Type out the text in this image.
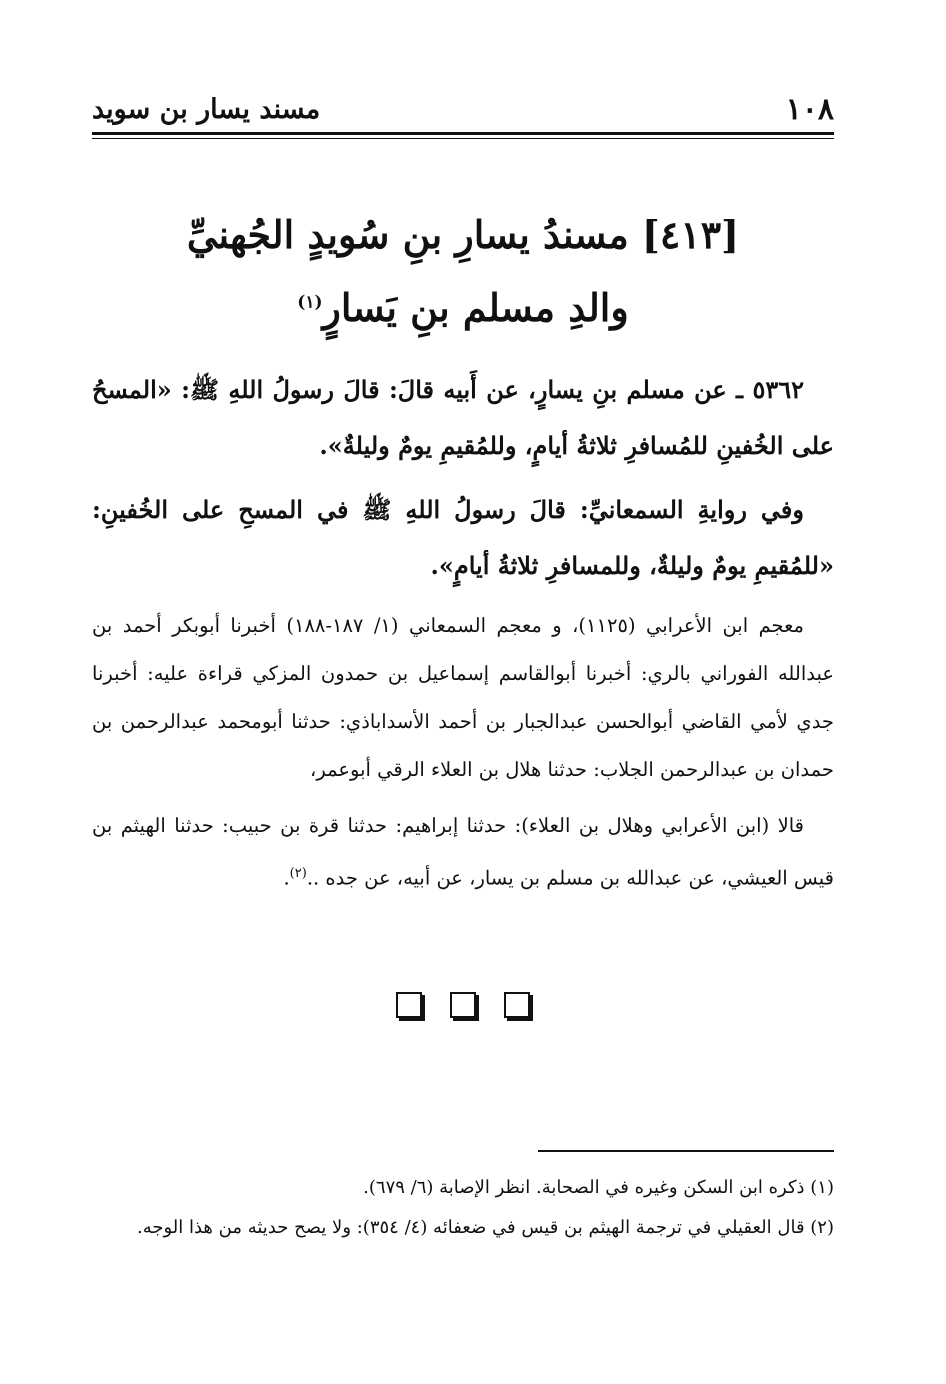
١٠٨
مسند يسار بن سويد
[٤١٣] مسندُ يسارِ بنِ سُويدٍ الجُهنيِّ
والدِ مسلم بنِ يَسارٍ$^{(١)}$

٥٣٦٢ ـ عن مسلم بنِ يسارٍ، عن أَبيه قالَ: قالَ رسولُ اللهِ ﷺ: «المسحُ على الخُفينِ للمُسافرِ ثلاثةُ أيامٍ، وللمُقيمِ يومٌ وليلةٌ».

وفي روايةِ السمعانيِّ: قالَ رسولُ اللهِ ﷺ في المسحِ على الخُفينِ: «للمُقيمِ يومٌ وليلةٌ، وللمسافرِ ثلاثةُ أيامٍ».

معجم ابن الأعرابي (١١٢٥)، و معجم السمعاني (١/ ١٨٧-١٨٨) أخبرنا أبوبكر أحمد بن عبدالله الفوراني بالري: أخبرنا أبوالقاسم إسماعيل بن حمدون المزكي قراءة عليه: أخبرنا جدي لأمي القاضي أبوالحسن عبدالجبار بن أحمد الأسداباذي: حدثنا أبومحمد عبدالرحمن بن حمدان بن عبدالرحمن الجلاب: حدثنا هلال بن العلاء الرقي أبوعمر،

قالا (ابن الأعرابي وهلال بن العلاء): حدثنا إبراهيم: حدثنا قرة بن حبيب: حدثنا الهيثم بن قيس العيشي، عن عبدالله بن مسلم بن يسار، عن أبيه، عن جده ..$^{(٢)}$.

(١) ذكره ابن السكن وغيره في الصحابة. انظر الإصابة (٦/ ٦٧٩).

(٢) قال العقيلي في ترجمة الهيثم بن قيس في ضعفائه (٤/ ٣٥٤): ولا يصح حديثه من هذا الوجه.
